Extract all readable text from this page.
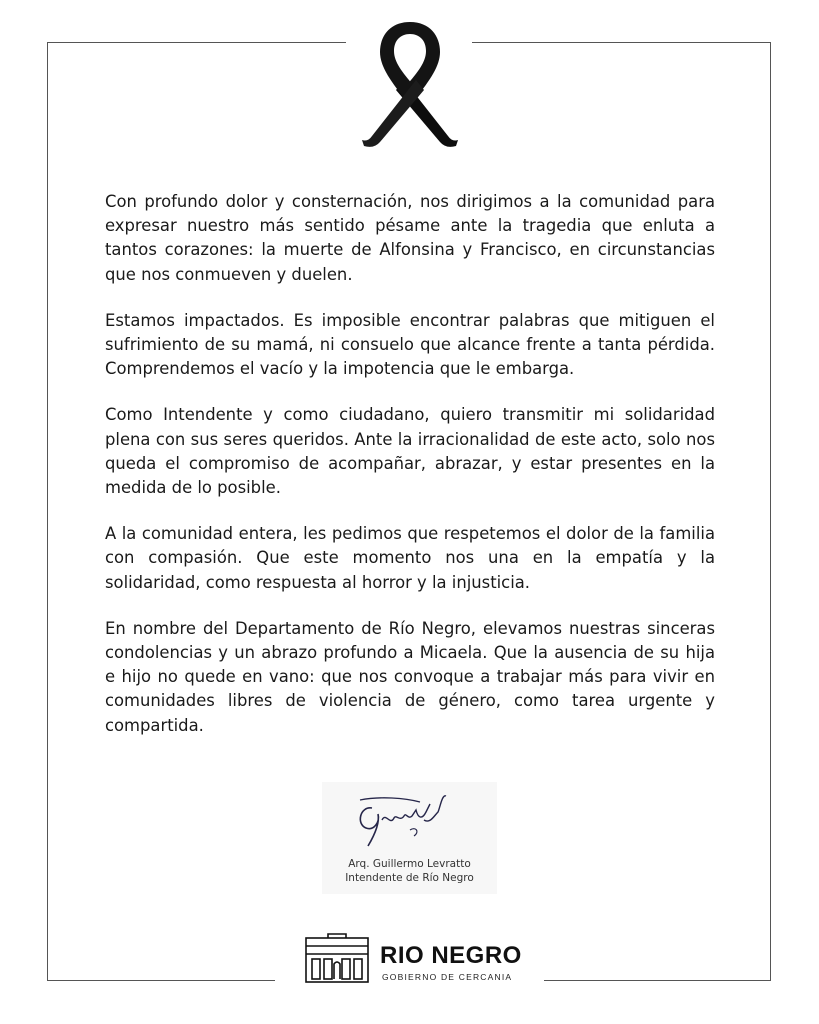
Con profundo dolor y consternación, nos dirigimos a la comunidad para expresar nuestro más sentido pésame ante la tragedia que enluta a tantos corazones: la muerte de Alfonsina y Francisco, en circunstancias que nos conmueven y duelen.

Estamos impactados. Es imposible encontrar palabras que mitiguen el sufrimiento de su mamá, ni consuelo que alcance frente a tanta pérdida. Comprendemos el vacío y la impotencia que le embarga.

Como Intendente y como ciudadano, quiero transmitir mi solidaridad plena con sus seres queridos. Ante la irracionalidad de este acto, solo nos queda el compromiso de acompañar, abrazar, y estar presentes en la medida de lo posible.

A la comunidad entera, les pedimos que respetemos el dolor de la familia con compasión. Que este momento nos una en la empatía y la solidaridad, como respuesta al horror y la injusticia.

En nombre del Departamento de Río Negro, elevamos nuestras sinceras condolencias y un abrazo profundo a Micaela. Que la ausencia de su hija e hijo no quede en vano: que nos convoque a trabajar más para vivir en comunidades libres de violencia de género, como tarea urgente y compartida.

Arq. Guillermo Levratto
Intendente de Río Negro
RIO NEGRO
GOBIERNO DE CERCANIA
